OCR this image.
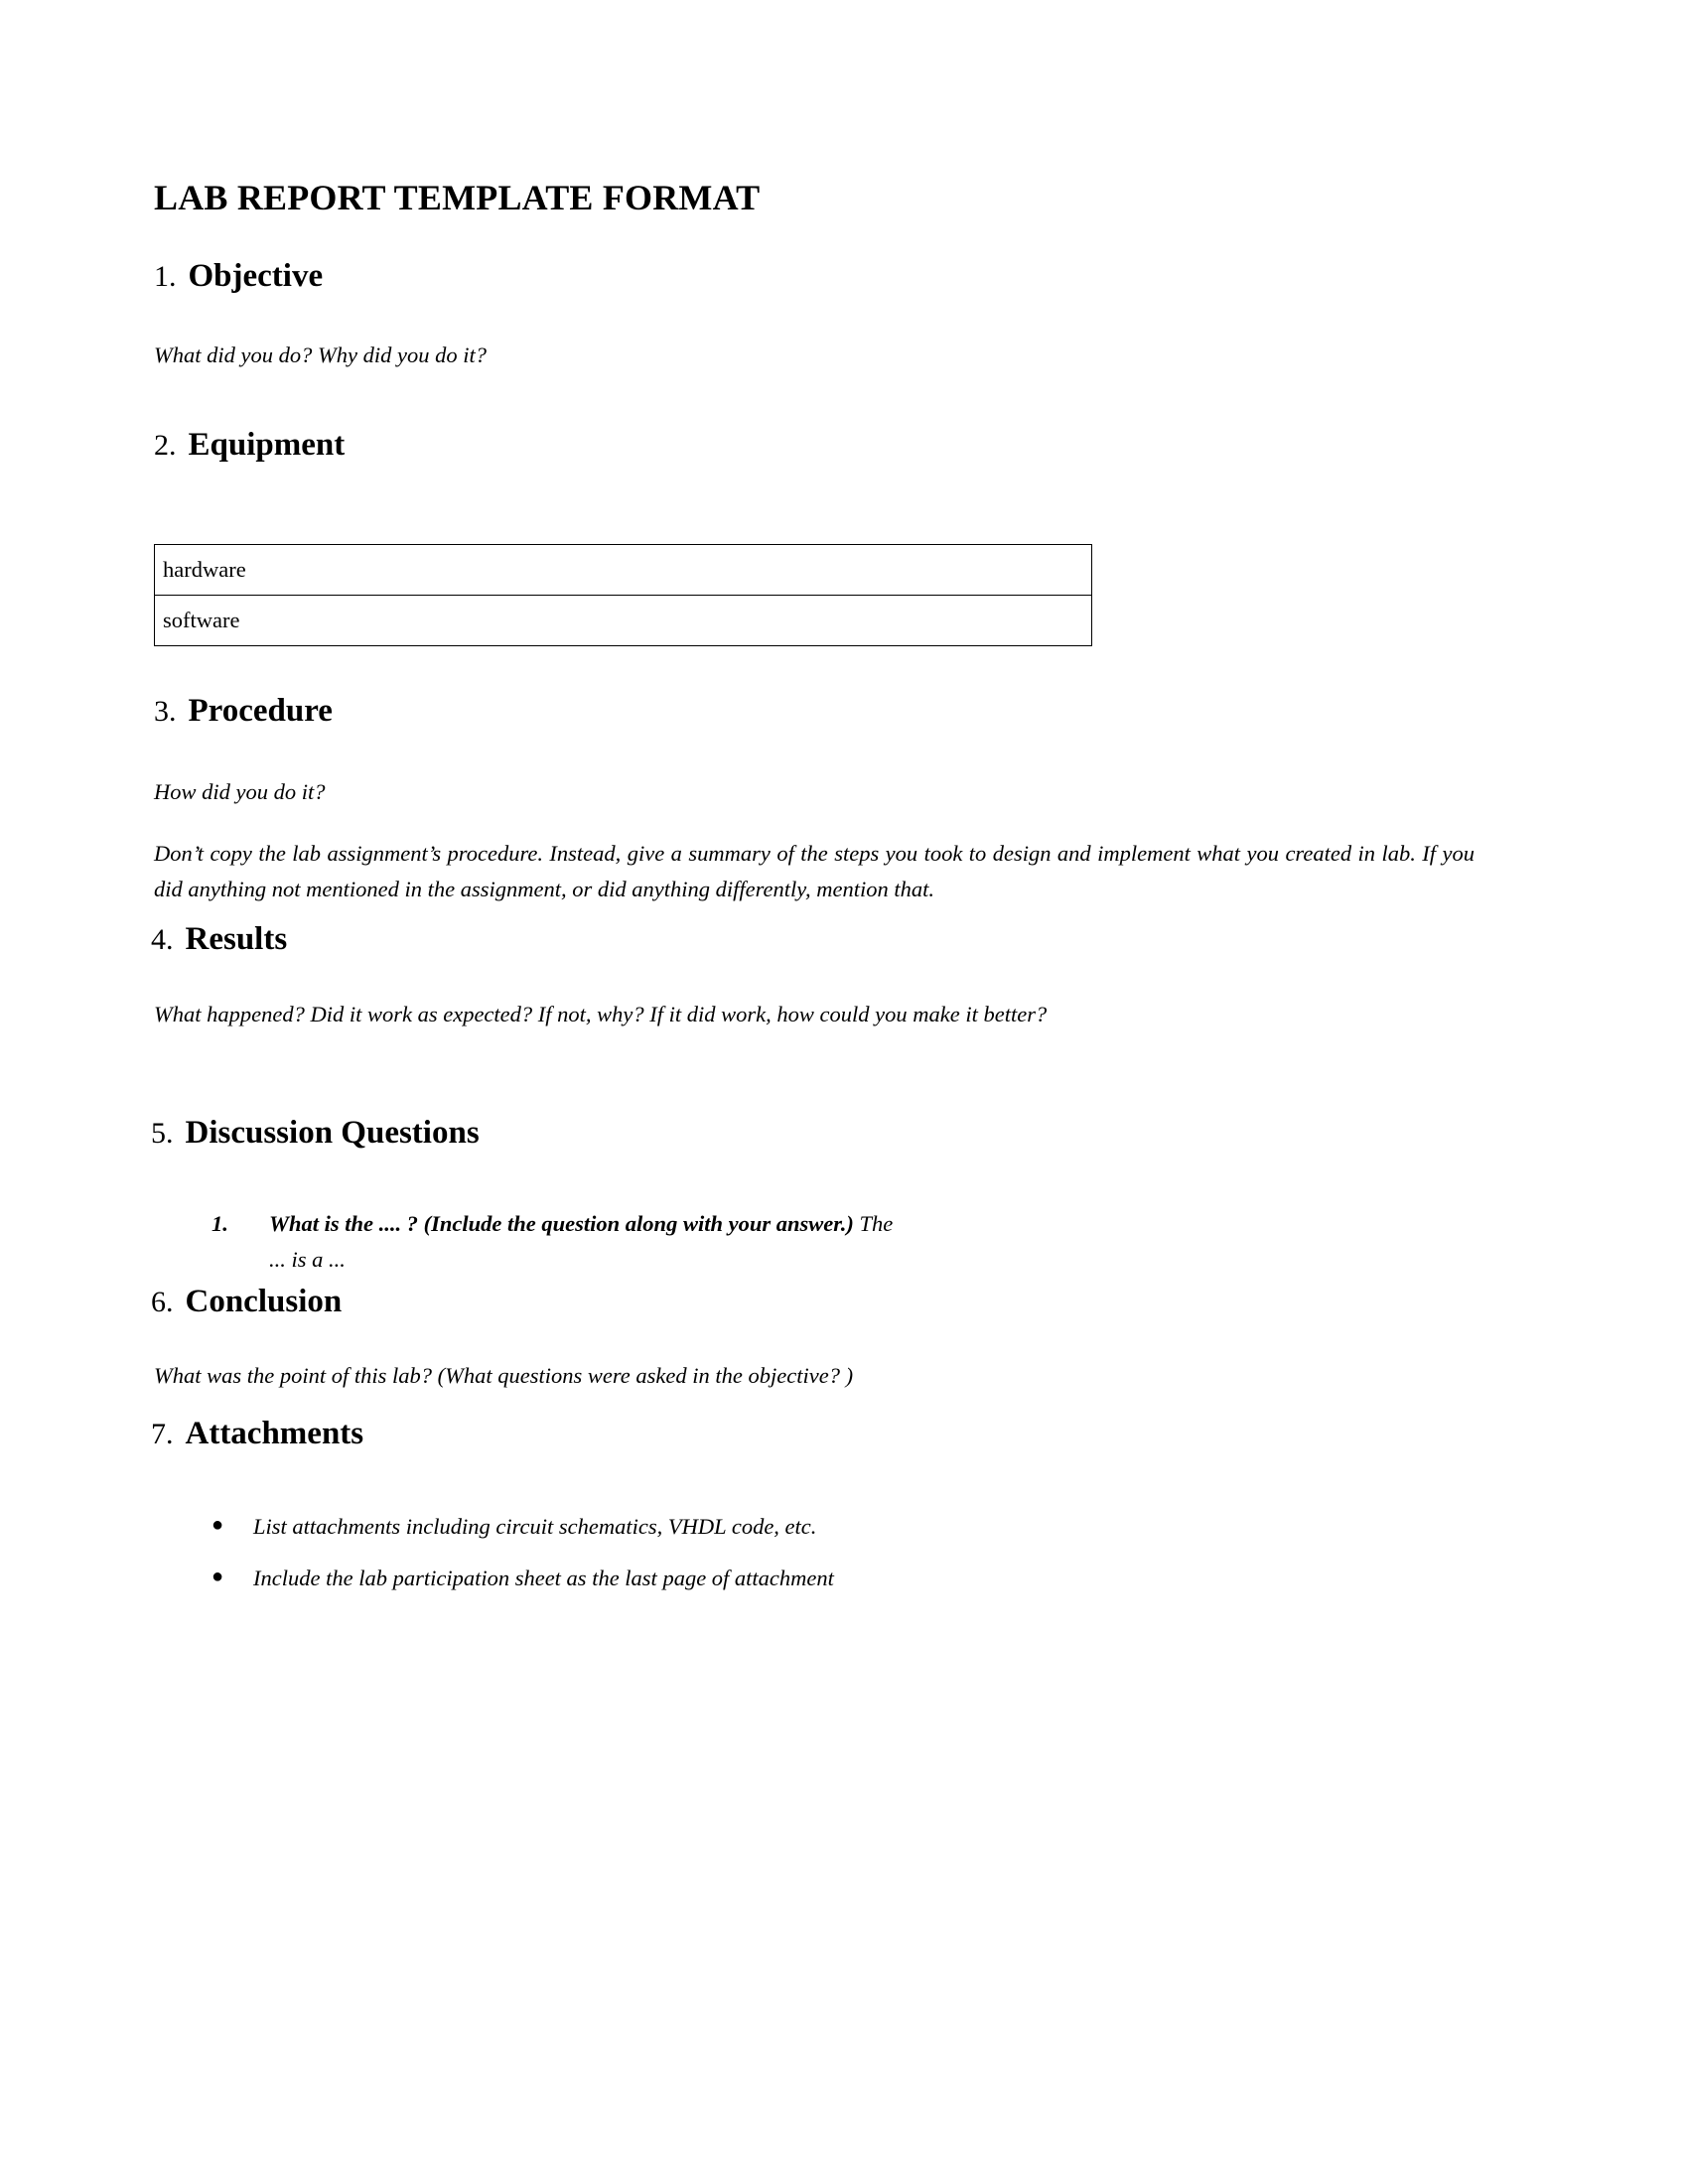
LAB REPORT TEMPLATE FORMAT
1. Objective
What did you do? Why did you do it?
2. Equipment
hardware
software
3. Procedure
How did you do it?
Don’t copy the lab assignment’s procedure. Instead, give a summary of the steps you took to design and implement what you created in lab. If you did anything not mentioned in the assignment, or did anything differently, mention that.
4. Results
What happened? Did it work as expected? If not, why? If it did work, how could you make it better?
5. Discussion Questions
1.	What is the .... ? (Include the question along with your answer.) The ... is a ...
6. Conclusion
What was the point of this lab? (What questions were asked in the objective? )
7. Attachments
●	List attachments including circuit schematics, VHDL code, etc.
●	Include the lab participation sheet as the last page of attachment
